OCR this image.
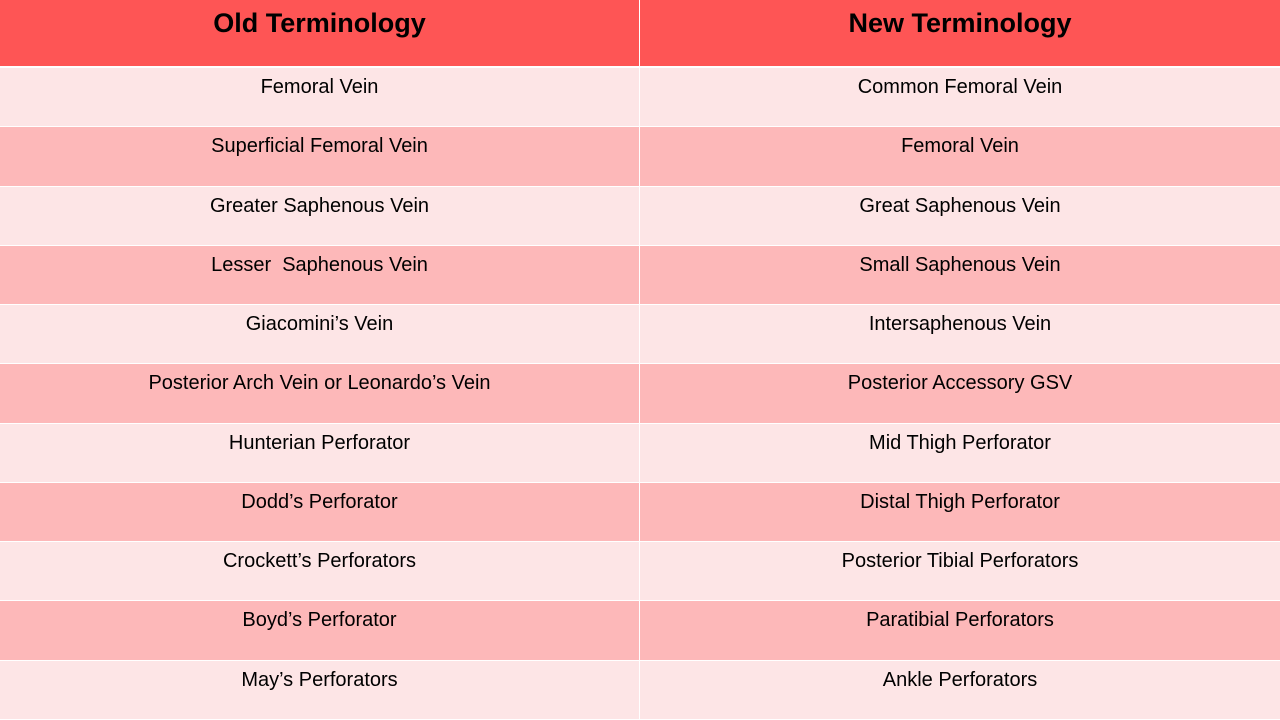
Old Terminology	New Terminology
Femoral Vein	Common Femoral Vein
Superficial Femoral Vein	Femoral Vein
Greater Saphenous Vein	Great Saphenous Vein
Lesser  Saphenous Vein	Small Saphenous Vein
Giacomini’s Vein	Intersaphenous Vein
Posterior Arch Vein or Leonardo’s Vein	Posterior Accessory GSV
Hunterian Perforator	Mid Thigh Perforator
Dodd’s Perforator	Distal Thigh Perforator
Crockett’s Perforators	Posterior Tibial Perforators
Boyd’s Perforator	Paratibial Perforators
May’s Perforators	Ankle Perforators
